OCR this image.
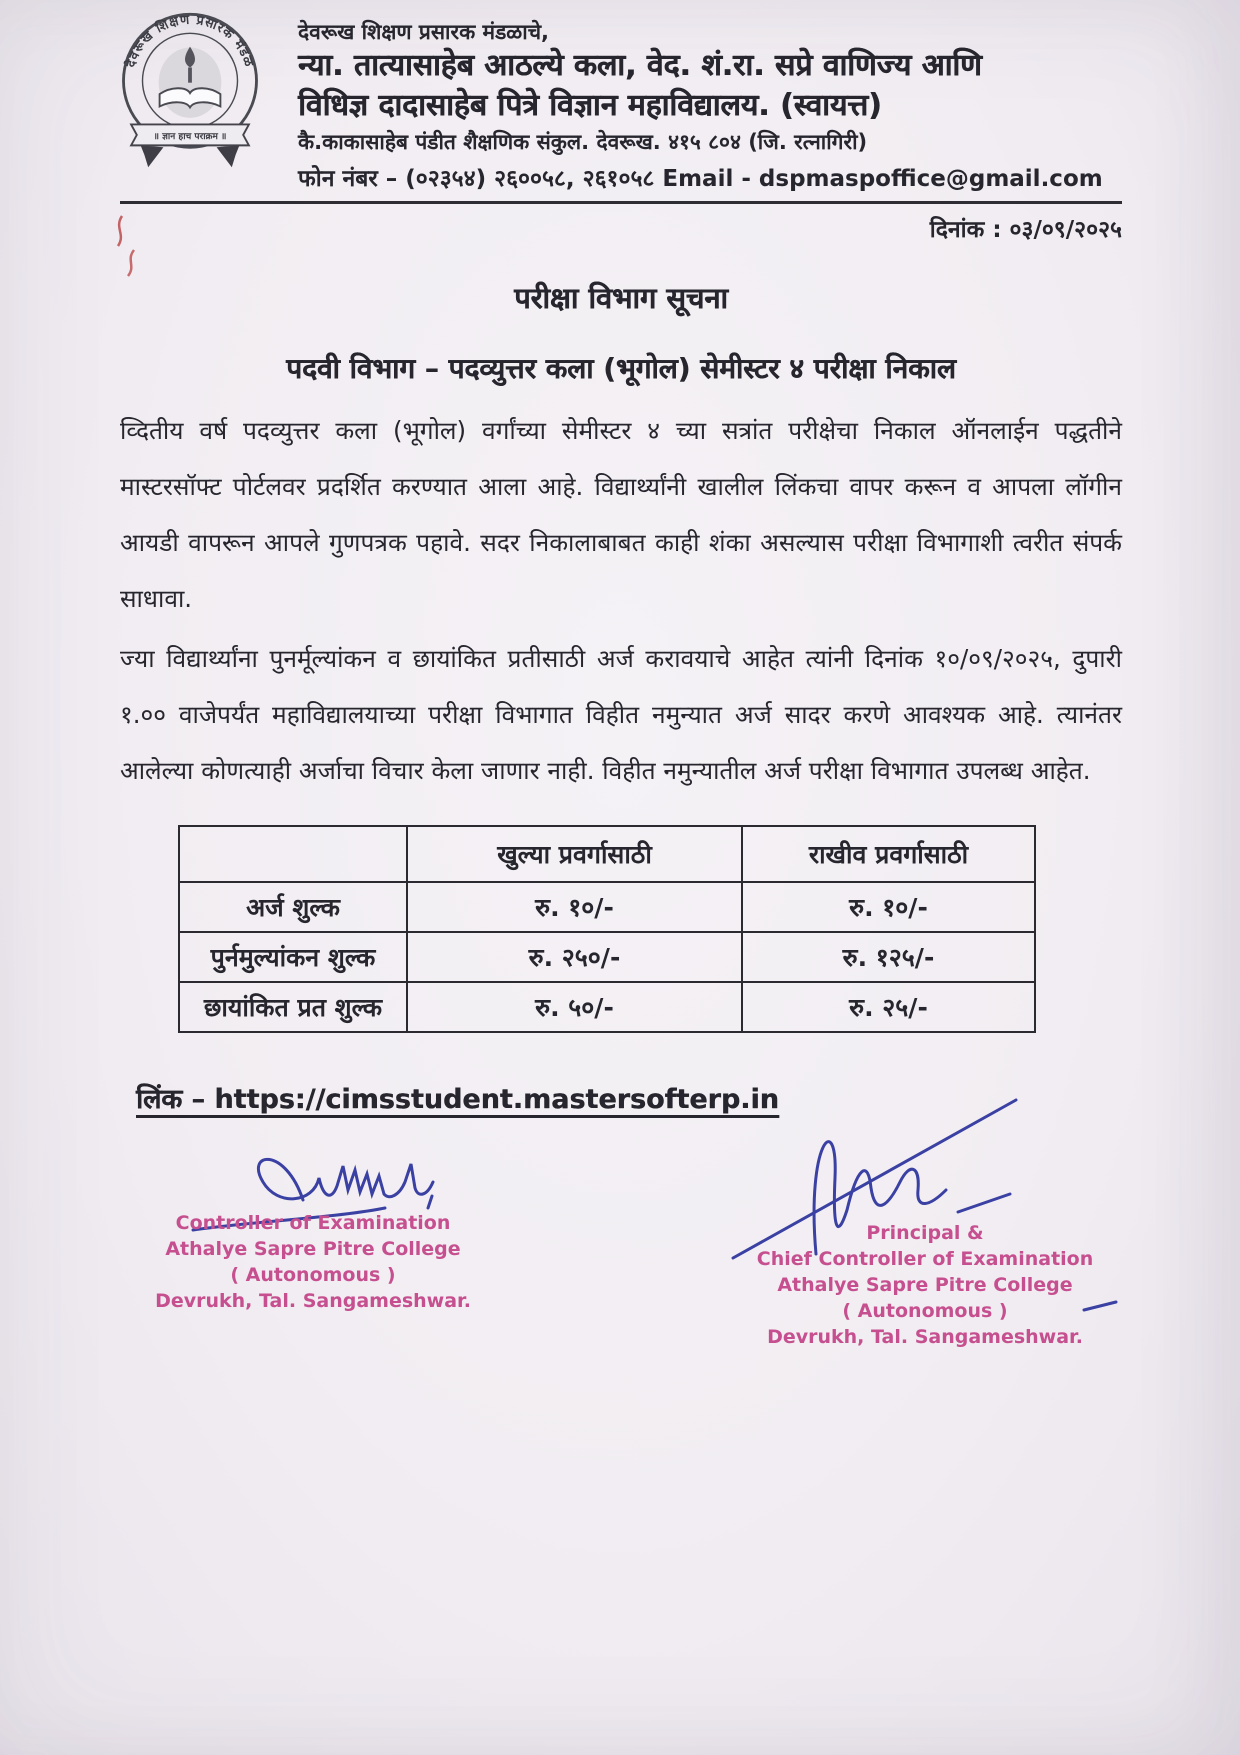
देवरूख शिक्षण प्रसारक मंडळ
॥ ज्ञान हाच पराक्रम ॥
देवरूख शिक्षण प्रसारक मंडळाचे,
न्या. तात्यासाहेब आठल्ये कला, वेद. शं.रा. सप्रे वाणिज्य आणि
विधिज्ञ दादासाहेब पित्रे विज्ञान महाविद्यालय. (स्वायत्त)
कै.काकासाहेब पंडीत शैक्षणिक संकुल. देवरूख. ४१५ ८०४ (जि. रत्नागिरी)
फोन नंबर – (०२३५४) २६००५८, २६१०५८ Email - dspmaspoffice@gmail.com
दिनांक : ०३/०९/२०२५
परीक्षा विभाग सूचना
पदवी विभाग – पदव्युत्तर कला (भूगोल) सेमीस्टर ४ परीक्षा निकाल

व्दितीय वर्ष पदव्युत्तर कला (भूगोल) वर्गांच्या सेमीस्टर ४ च्या सत्रांत परीक्षेचा निकाल ऑनलाईन पद्धतीने मास्टरसॉफ्ट पोर्टलवर प्रदर्शित करण्यात आला आहे. विद्यार्थ्यांनी खालील लिंकचा वापर करून व आपला लॉगीन आयडी वापरून आपले गुणपत्रक पहावे. सदर निकालाबाबत काही शंका असल्यास परीक्षा विभागाशी त्वरीत संपर्क साधावा.

ज्या विद्यार्थ्यांना पुनर्मूल्यांकन व छायांकित प्रतीसाठी अर्ज करावयाचे आहेत त्यांनी दिनांक १०/०९/२०२५, दुपारी १.०० वाजेपर्यंत महाविद्यालयाच्या परीक्षा विभागात विहीत नमुन्यात अर्ज सादर करणे आवश्यक आहे. त्यानंतर आलेल्या कोणत्याही अर्जाचा विचार केला जाणार नाही. विहीत नमुन्यातील अर्ज परीक्षा विभागात उपलब्ध आहेत.

	खुल्या प्रवर्गासाठी	राखीव प्रवर्गासाठी
अर्ज शुल्क	रु. १०/-	रु. १०/-
पुर्नमुल्यांकन शुल्क	रु. २५०/-	रु. १२५/-
छायांकित प्रत शुल्क	रु. ५०/-	रु. २५/-
लिंक – https://cimsstudent.mastersofterp.in
Controller of Examination
Athalye Sapre Pitre College
( Autonomous )
Devrukh, Tal. Sangameshwar.
Principal &
Chief Controller of Examination
Athalye Sapre Pitre College
( Autonomous )
Devrukh, Tal. Sangameshwar.
